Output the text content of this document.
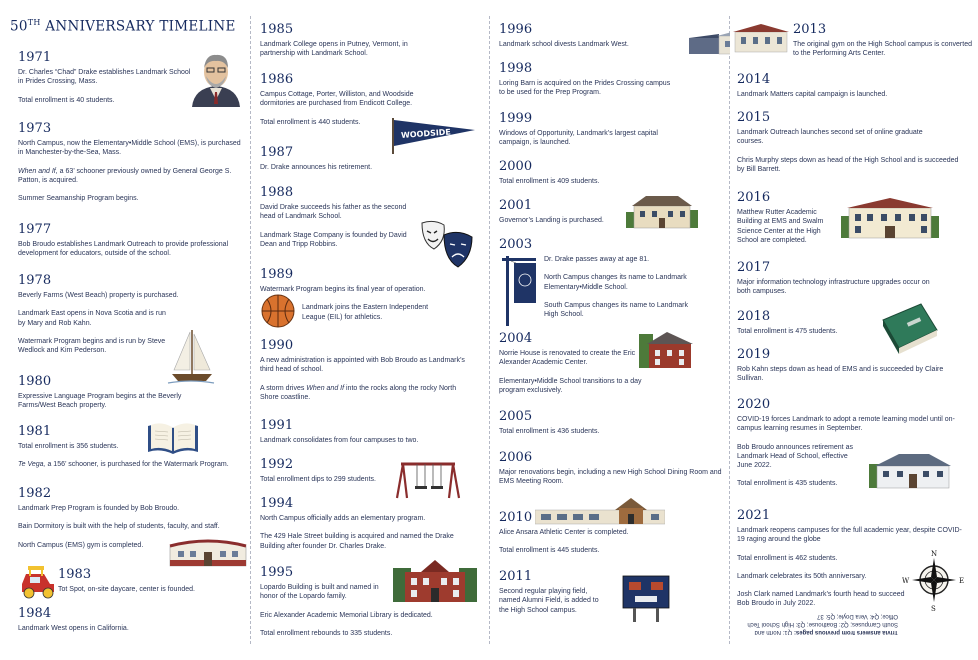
50TH ANNIVERSARY TIMELINE
1971

Dr. Charles “Chad” Drake establishes Landmark School in Prides Crossing, Mass.

Total enrollment is 40 students.

1973

North Campus, now the Elementary•Middle School (EMS), is purchased in Manchester-by-the-Sea, Mass.

When and If, a 63’ schooner previously owned by General George S. Patton, is acquired.

Summer Seamanship Program begins.

1977

Bob Broudo establishes Landmark Outreach to provide professional development for educators, outside of the school.

1978

Beverly Farms (West Beach) property is purchased.

Landmark East opens in Nova Scotia and is run by Mary and Rob Kahn.

Watermark Program begins and is run by Steve Wedlock and Kim Pederson.

1980

Expressive Language Program begins at the Beverly Farms/West Beach property.

1981

Total enrollment is 356 students.

Te Vega, a 156’ schooner, is purchased for the Watermark Program.

1982

Landmark Prep Program is founded by Bob Broudo.

Bain Dormitory is built with the help of students, faculty, and staff.

North Campus (EMS) gym is completed.

1983

Tot Spot, on-site daycare, center is founded.

1984

Landmark West opens in California.

1985

Landmark College opens in Putney, Vermont, in partnership with Landmark School.

1986

Campus Cottage, Porter, Williston, and Woodside dormitories are purchased from Endicott College.

Total enrollment is 440 students.

1987

Dr. Drake announces his retirement.

1988

David Drake succeeds his father as the second head of Landmark School.

Landmark Stage Company is founded by David Dean and Tripp Robbins.

1989

Watermark Program begins its final year of operation.

Landmark joins the Eastern Independent League (EIL) for athletics.

1990

A new administration is appointed with Bob Broudo as Landmark’s third head of school.

A storm drives When and If into the rocks along the rocky North Shore coastline.

1991

Landmark consolidates from four campuses to two.

1992

Total enrollment dips to 299 students.

1994

North Campus officially adds an elementary program.

The 429 Hale Street building is acquired and named the Drake Building after founder Dr. Charles Drake.

1995

Lopardo Building is built and named in honor of the Lopardo family.

Eric Alexander Academic Memorial Library is dedicated.

Total enrollment rebounds to 335 students.

WOODSIDE
1996

Landmark school divests Landmark West.

1998

Loring Barn is acquired on the Prides Crossing campus to be used for the Prep Program.

1999

Windows of Opportunity, Landmark’s largest capital campaign, is launched.

2000

Total enrollment is 409 students.

2001

Governor’s Landing is purchased.

2003

Dr. Drake passes away at age 81.

North Campus changes its name to Landmark Elementary•Middle School.

South Campus changes its name to Landmark High School.

2004

Norrie House is renovated to create the Eric Alexander Academic Center.

Elementary•Middle School transitions to a day program exclusively.

2005

Total enrollment is 436 students.

2006

Major renovations begin, including a new High School Dining Room and EMS Meeting Room.

2010

Alice Ansara Athletic Center is completed.

Total enrollment is 445 students.

2011

Second regular playing field, named Alumni Field, is added to the High School campus.

2013

The original gym on the High School campus is converted to the Performing Arts Center.

2014

Landmark Matters capital campaign is launched.

2015

Landmark Outreach launches second set of online graduate courses.

Chris Murphy steps down as head of the High School and is succeeded by Bill Barrett.

2016

Matthew Rutter Academic Building at EMS and Swalm Science Center at the High School are completed.

2017

Major information technology infrastructure upgrades occur on both campuses.

2018

Total enrollment is 475 students.

2019

Rob Kahn steps down as head of EMS and is succeeded by Claire Sullivan.

2020

COVID-19 forces Landmark to adopt a remote learning model until on-campus learning resumes in September.

Bob Broudo announces retirement as Landmark Head of School, effective June 2022.

Total enrollment is 435 students.

2021

Landmark reopens campuses for the full academic year, despite COVID-19 raging around the globe

Total enrollment is 462 students.

Landmark celebrates its 50th anniversary.

Josh Clark named Landmark’s fourth head to succeed Bob Broudo in July 2022.

N
E
S
W
Trivia answers from previous pages: Q1: North and South Campuses; Q2: Boathouse; Q3: High School Tech Office; Q4: Vera Doyle; Q5: 37
